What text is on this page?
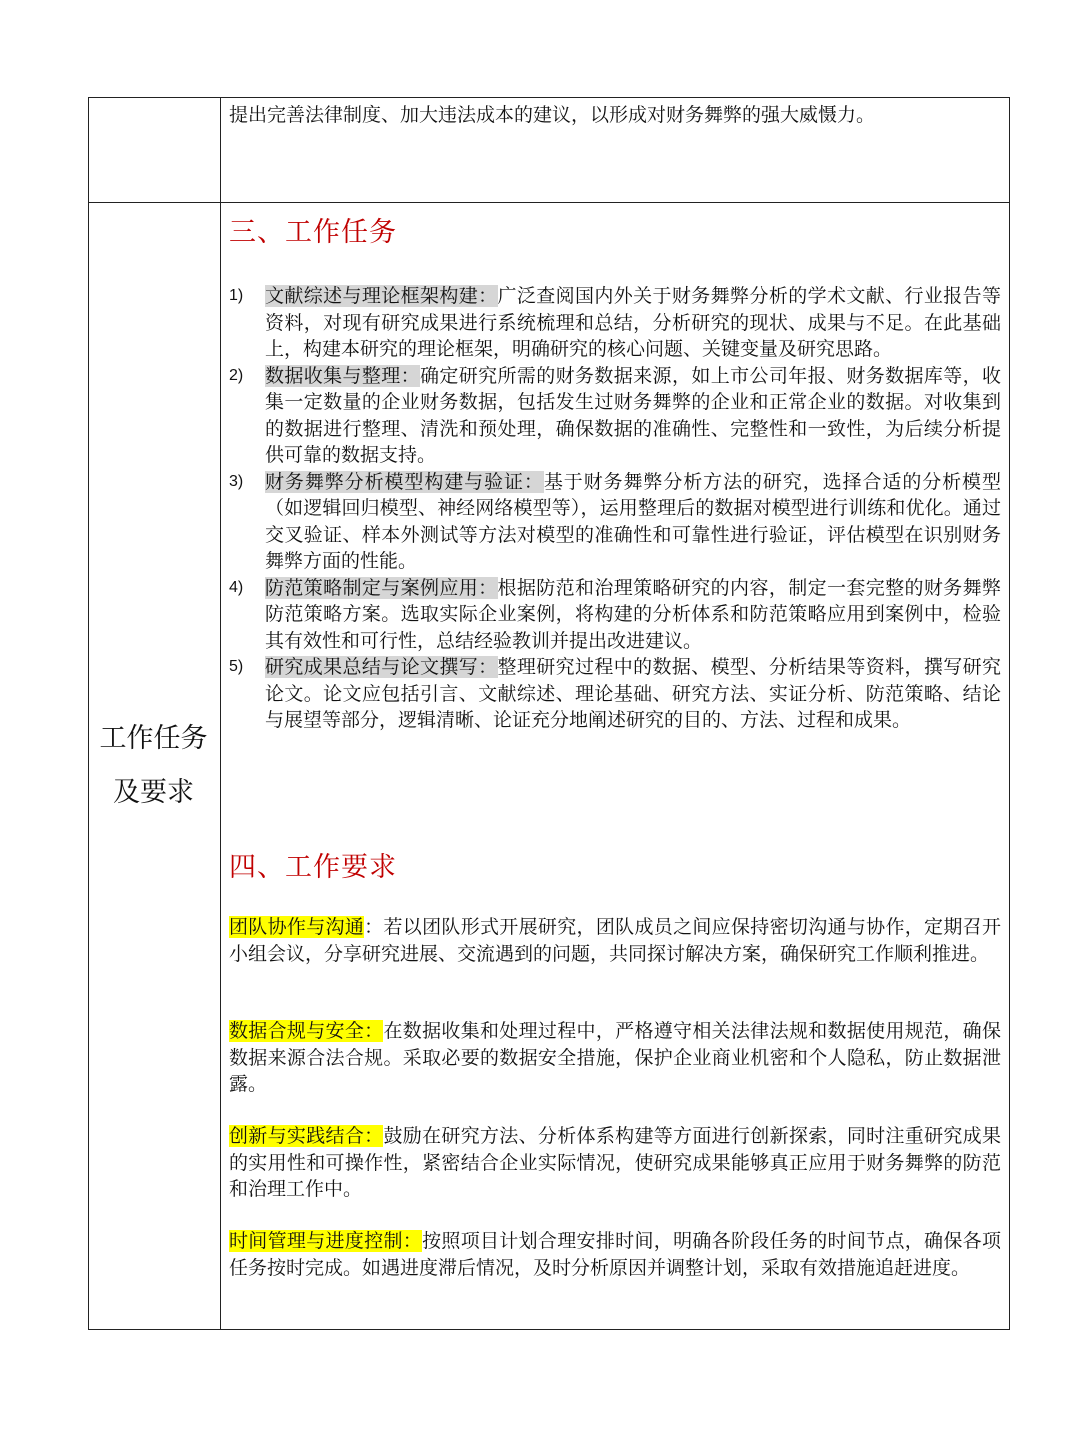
提出完善法律制度、加大违法成本的建议，以形成对财务舞弊的强大威慑力。

工作任务
及要求
三、工作任务
1) 文献综述与理论框架构建：广泛查阅国内外关于财务舞弊分析的学术文献、行业报告等资料，对现有研究成果进行系统梳理和总结，分析研究的现状、成果与不足。在此基础上，构建本研究的理论框架，明确研究的核心问题、关键变量及研究思路。
2) 数据收集与整理：确定研究所需的财务数据来源，如上市公司年报、财务数据库等，收集一定数量的企业财务数据，包括发生过财务舞弊的企业和正常企业的数据。对收集到的数据进行整理、清洗和预处理，确保数据的准确性、完整性和一致性，为后续分析提供可靠的数据支持。
3) 财务舞弊分析模型构建与验证：基于财务舞弊分析方法的研究，选择合适的分析模型（如逻辑回归模型、神经网络模型等），运用整理后的数据对模型进行训练和优化。通过交叉验证、样本外测试等方法对模型的准确性和可靠性进行验证，评估模型在识别财务舞弊方面的性能。
4) 防范策略制定与案例应用：根据防范和治理策略研究的内容，制定一套完整的财务舞弊防范策略方案。选取实际企业案例，将构建的分析体系和防范策略应用到案例中，检验其有效性和可行性，总结经验教训并提出改进建议。
5) 研究成果总结与论文撰写：整理研究过程中的数据、模型、分析结果等资料，撰写研究论文。论文应包括引言、文献综述、理论基础、研究方法、实证分析、防范策略、结论与展望等部分，逻辑清晰、论证充分地阐述研究的目的、方法、过程和成果。
四、工作要求
团队协作与沟通：若以团队形式开展研究，团队成员之间应保持密切沟通与协作，定期召开小组会议，分享研究进展、交流遇到的问题，共同探讨解决方案，确保研究工作顺利推进。
数据合规与安全：在数据收集和处理过程中，严格遵守相关法律法规和数据使用规范，确保数据来源合法合规。采取必要的数据安全措施，保护企业商业机密和个人隐私，防止数据泄露。
创新与实践结合：鼓励在研究方法、分析体系构建等方面进行创新探索，同时注重研究成果的实用性和可操作性，紧密结合企业实际情况，使研究成果能够真正应用于财务舞弊的防范和治理工作中。
时间管理与进度控制：按照项目计划合理安排时间，明确各阶段任务的时间节点，确保各项任务按时完成。如遇进度滞后情况，及时分析原因并调整计划，采取有效措施追赶进度。
